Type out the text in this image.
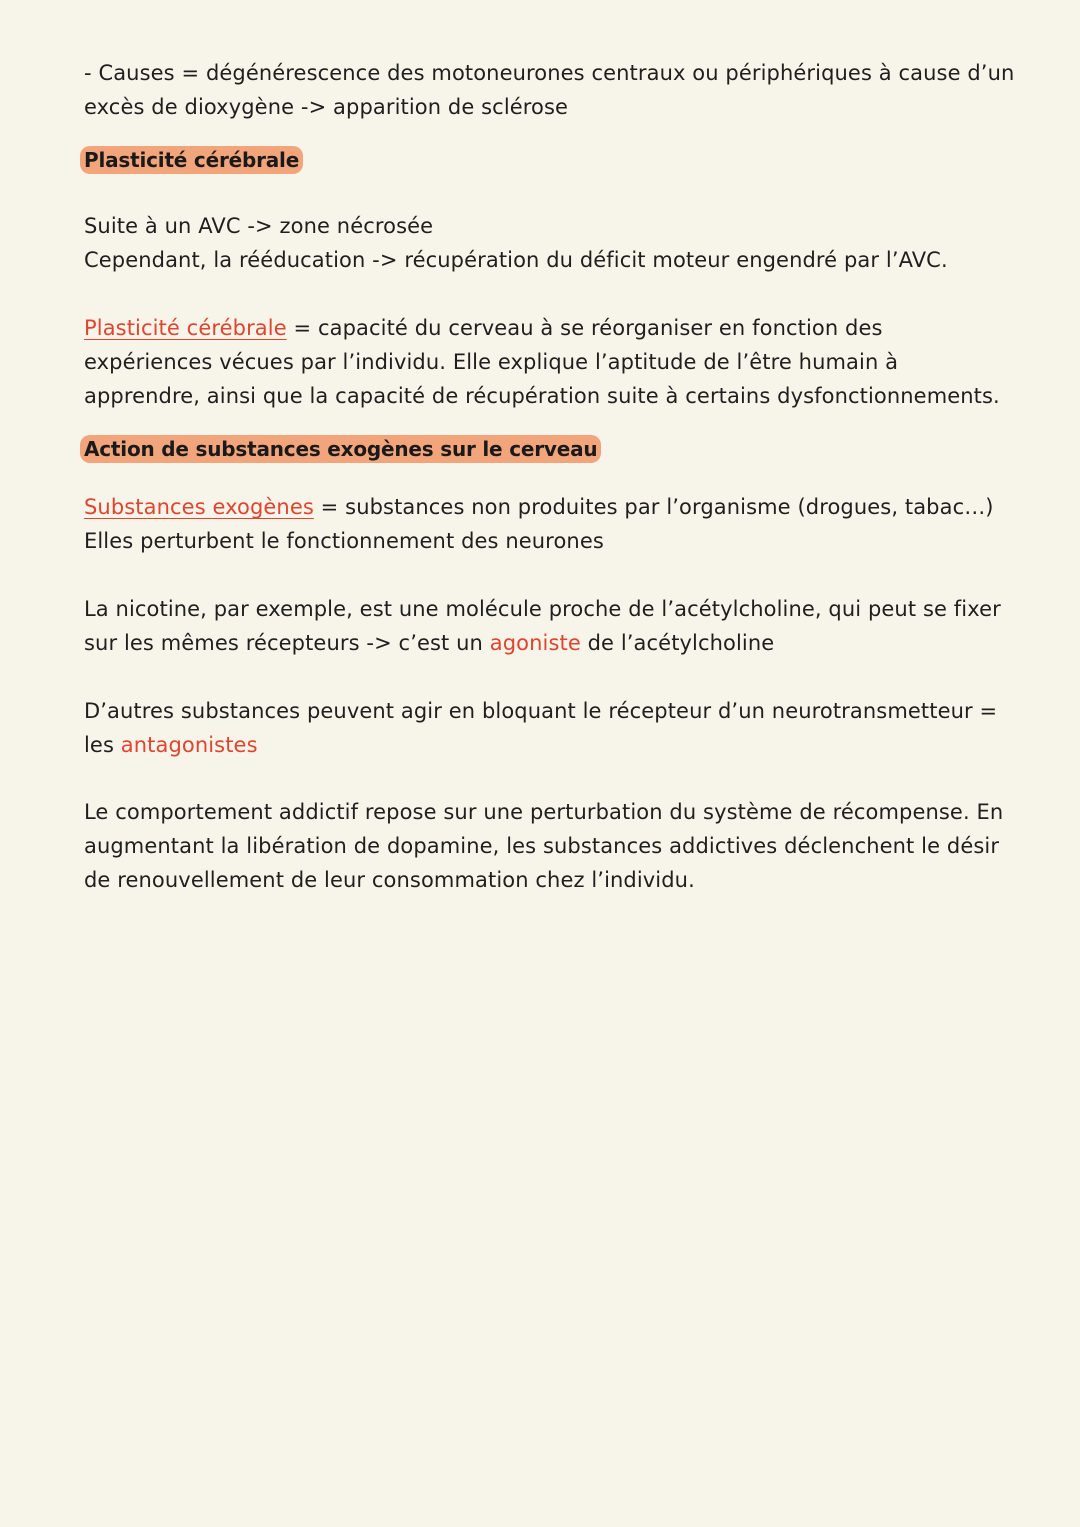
- Causes = dégénérescence des motoneurones centraux ou périphériques à cause d’un
excès de dioxygène -> apparition de sclérose
Plasticité cérébrale
Suite à un AVC -> zone nécrosée
Cependant, la rééducation -> récupération du déficit moteur engendré par l’AVC.
Plasticité cérébrale = capacité du cerveau à se réorganiser en fonction des
expériences vécues par l’individu. Elle explique l’aptitude de l’être humain à
apprendre, ainsi que la capacité de récupération suite à certains dysfonctionnements.
Action de substances exogènes sur le cerveau
Substances exogènes = substances non produites par l’organisme (drogues, tabac…)
Elles perturbent le fonctionnement des neurones
La nicotine, par exemple, est une molécule proche de l’acétylcholine, qui peut se fixer
sur les mêmes récepteurs -> c’est un agoniste de l’acétylcholine
D’autres substances peuvent agir en bloquant le récepteur d’un neurotransmetteur =
les antagonistes
Le comportement addictif repose sur une perturbation du système de récompense. En
augmentant la libération de dopamine, les substances addictives déclenchent le désir
de renouvellement de leur consommation chez l’individu.
